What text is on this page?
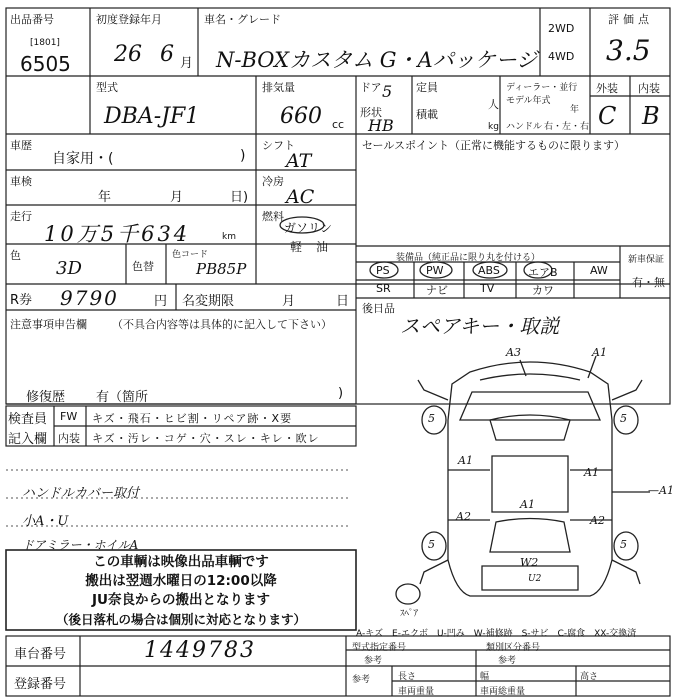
出品番号
[1801]
6505
初度登録年月
26 6 月
車名・グレード
N-BOXカスタム G・Aパッケージ
2WD
4WD
評価点
3.5
型式
DBA-JF1
排気量
660 cc
ドア 5
形状
HB
定員
人
積載
kg
ディーラー・並行
モデル年式
年
ハンドル 右・左・右
外装 内装
C B
車歴
自家用・(	)
シフト
AT
セールスポイント（正常に機能するものに限ります）
車検
年	月	日)
冷房
AC
走行
10万5千634	km
燃料
ガソリン
軽 油
色
3D	色替
色コード
PB85P
R券 9790	円 名変期限	月	日
装備品（純正品に限り丸を付ける）	新車保証
有・無
PS	PW	ABS	エアB	AW
SR	ナビ	TV	カワ
後日品
スペアキー・取説
注意事項申告欄 （不具合内容等は具体的に記入して下さい）
修復歴 有（箇所	)
検査員
記入欄
FW キズ・飛石・ヒビ割・リペア跡・X要
内装 キズ・汚レ・コゲ・穴・スレ・キレ・欧レ
ハンドルカバー取付
小A・U
ドアミラー・ホイルA
この車輌は映像出品車輌です
搬出は翌週水曜日の12:00以降
JU奈良からの搬出となります
（後日落札の場合は個別に対応となります）
A3	A1
A1
A1
A2
A1
A2
W2
U2
5	5
5	5
—A1
ｽﾍﾟｱ
A-キズ　E-エクボ　U-凹み　W-補修跡　S-サビ　C-腐食　XX-交換済
車台番号	1449783
登録番号
型式指定番号	類別区分番号
参考	参考
参考	長さ	幅	高さ
車両重量	車両総重量
